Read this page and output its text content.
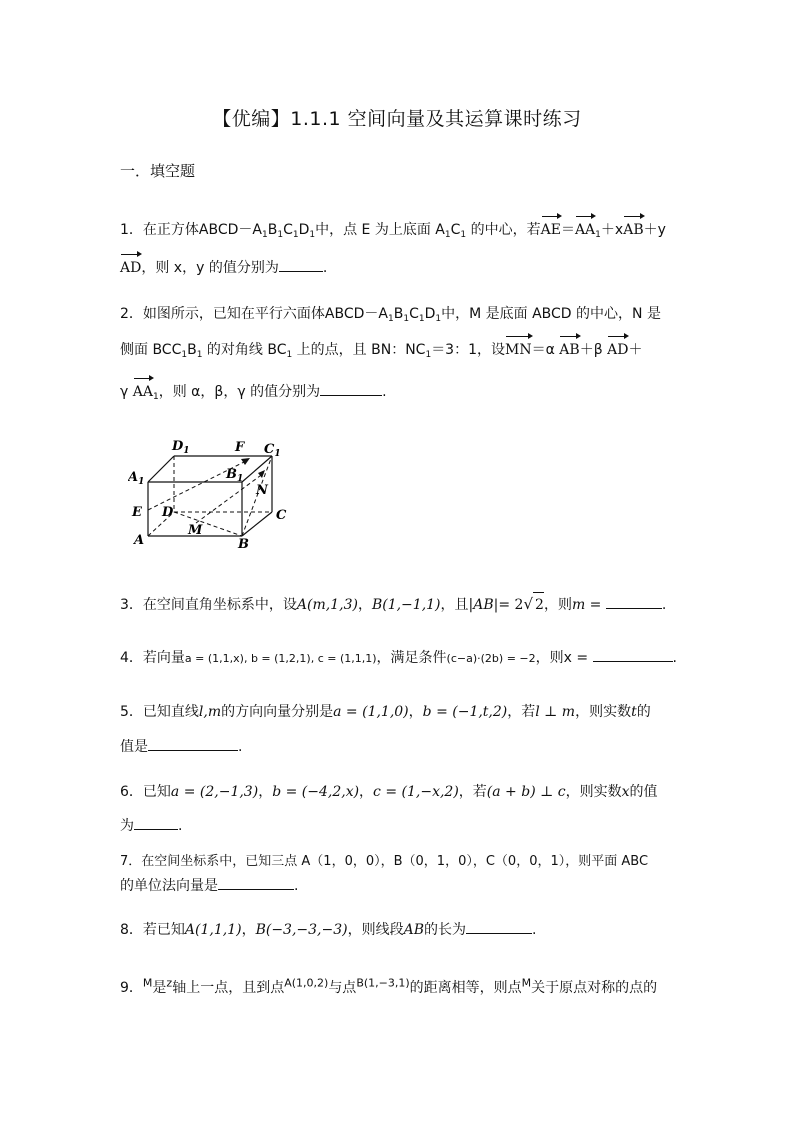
【优编】1.1.1 空间向量及其运算课时练习
一．填空题
1．在正方体$ABCD-A_1B_1C_1D_1$中，点 E 为上底面 $A_1C_1$ 的中心，若$AE=AA_1+xAB+y$
AD，则 x，y 的值分别为	.
2．如图所示，已知在平行六面体$ABCD-A_1B_1C_1D_1$中，M 是底面 ABCD 的中心，N 是
侧面 $BCC_1B_1$ 的对角线 $BC_1$ 上的点，且 BN：$NC_1=3$：1，设MN＝α AB＋β AD＋
γ $AA_1$，则 α，β，γ 的值分别为	.
$D_1$	F $C_1$
$A_1$	$B_1$
N
E D	C
M
A	B
3．在空间直角坐标系中，设A(m,1,3)，B(1,−1,1)，且|AB|= 2√ 2，则m =	.
4．若向量a = (1,1,x), b = (1,2,1), c = (1,1,1)，满足条件(c−a)·(2b) = −2，则x =	.
5．已知直线l,m的方向向量分别是a = (1,1,0)，b = (−1,t,2)，若l ⊥ m，则实数t的
值是	.
6．已知a = (2,−1,3)，b = (−4,2,x)，c = (1,−x,2)，若(a + b) ⊥ c，则实数x的值
为	.
7．在空间坐标系中，已知三点 A（1，0，0），B（0，1，0），C（0，0，1），则平面 ABC
的单位法向量是	.
8．若已知A(1,1,1)，B(−3,−3,−3)，则线段AB的长为	.
9．$^M$是$^z$轴上一点，且到点$^{A(1,0,2)}$与点$^{B(1,-3,1)}$的距离相等，则点$^M$关于原点对称的点的
